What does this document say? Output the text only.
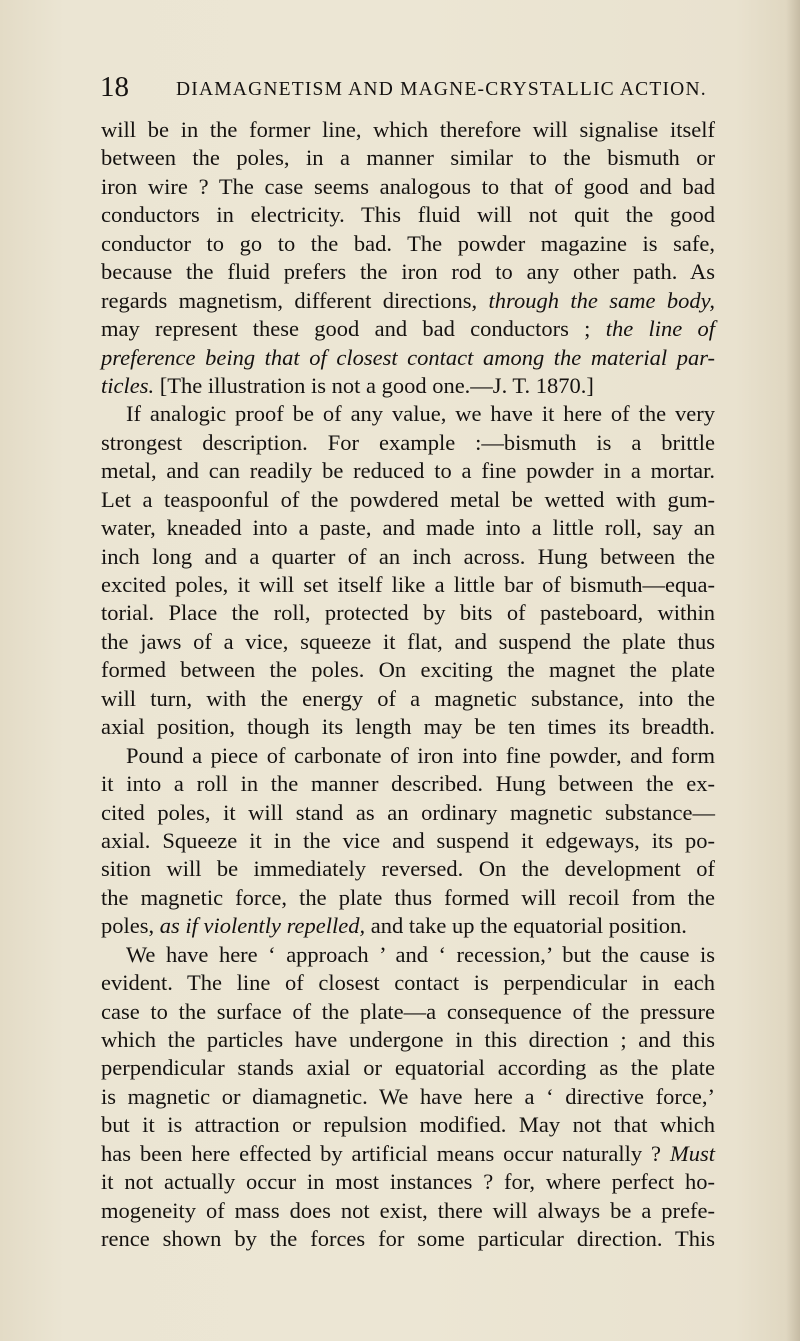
18 DIAMAGNETISM AND MAGNE-CRYSTALLIC ACTION.
will be in the former line, which therefore will signalise itself
between the poles, in a manner similar to the bismuth or
iron wire ? The case seems analogous to that of good and bad
conductors in electricity. This fluid will not quit the good
conductor to go to the bad. The powder magazine is safe,
because the fluid prefers the iron rod to any other path. As
regards magnetism, different directions, through the same body,
may represent these good and bad conductors ; the line of
preference being that of closest contact among the material par-
ticles. [The illustration is not a good one.—J. T. 1870.]
If analogic proof be of any value, we have it here of the very
strongest description. For example :—bismuth is a brittle
metal, and can readily be reduced to a fine powder in a mortar.
Let a teaspoonful of the powdered metal be wetted with gum-
water, kneaded into a paste, and made into a little roll, say an
inch long and a quarter of an inch across. Hung between the
excited poles, it will set itself like a little bar of bismuth—equa-
torial. Place the roll, protected by bits of pasteboard, within
the jaws of a vice, squeeze it flat, and suspend the plate thus
formed between the poles. On exciting the magnet the plate
will turn, with the energy of a magnetic substance, into the
axial position, though its length may be ten times its breadth.
Pound a piece of carbonate of iron into fine powder, and form
it into a roll in the manner described. Hung between the ex-
cited poles, it will stand as an ordinary magnetic substance—
axial. Squeeze it in the vice and suspend it edgeways, its po-
sition will be immediately reversed. On the development of
the magnetic force, the plate thus formed will recoil from the
poles, as if violently repelled, and take up the equatorial position.
We have here ‘ approach ’ and ‘ recession,’ but the cause is
evident. The line of closest contact is perpendicular in each
case to the surface of the plate—a consequence of the pressure
which the particles have undergone in this direction ; and this
perpendicular stands axial or equatorial according as the plate
is magnetic or diamagnetic. We have here a ‘ directive force,’
but it is attraction or repulsion modified. May not that which
has been here effected by artificial means occur naturally ? Must
it not actually occur in most instances ? for, where perfect ho-
mogeneity of mass does not exist, there will always be a prefe-
rence shown by the forces for some particular direction. This
